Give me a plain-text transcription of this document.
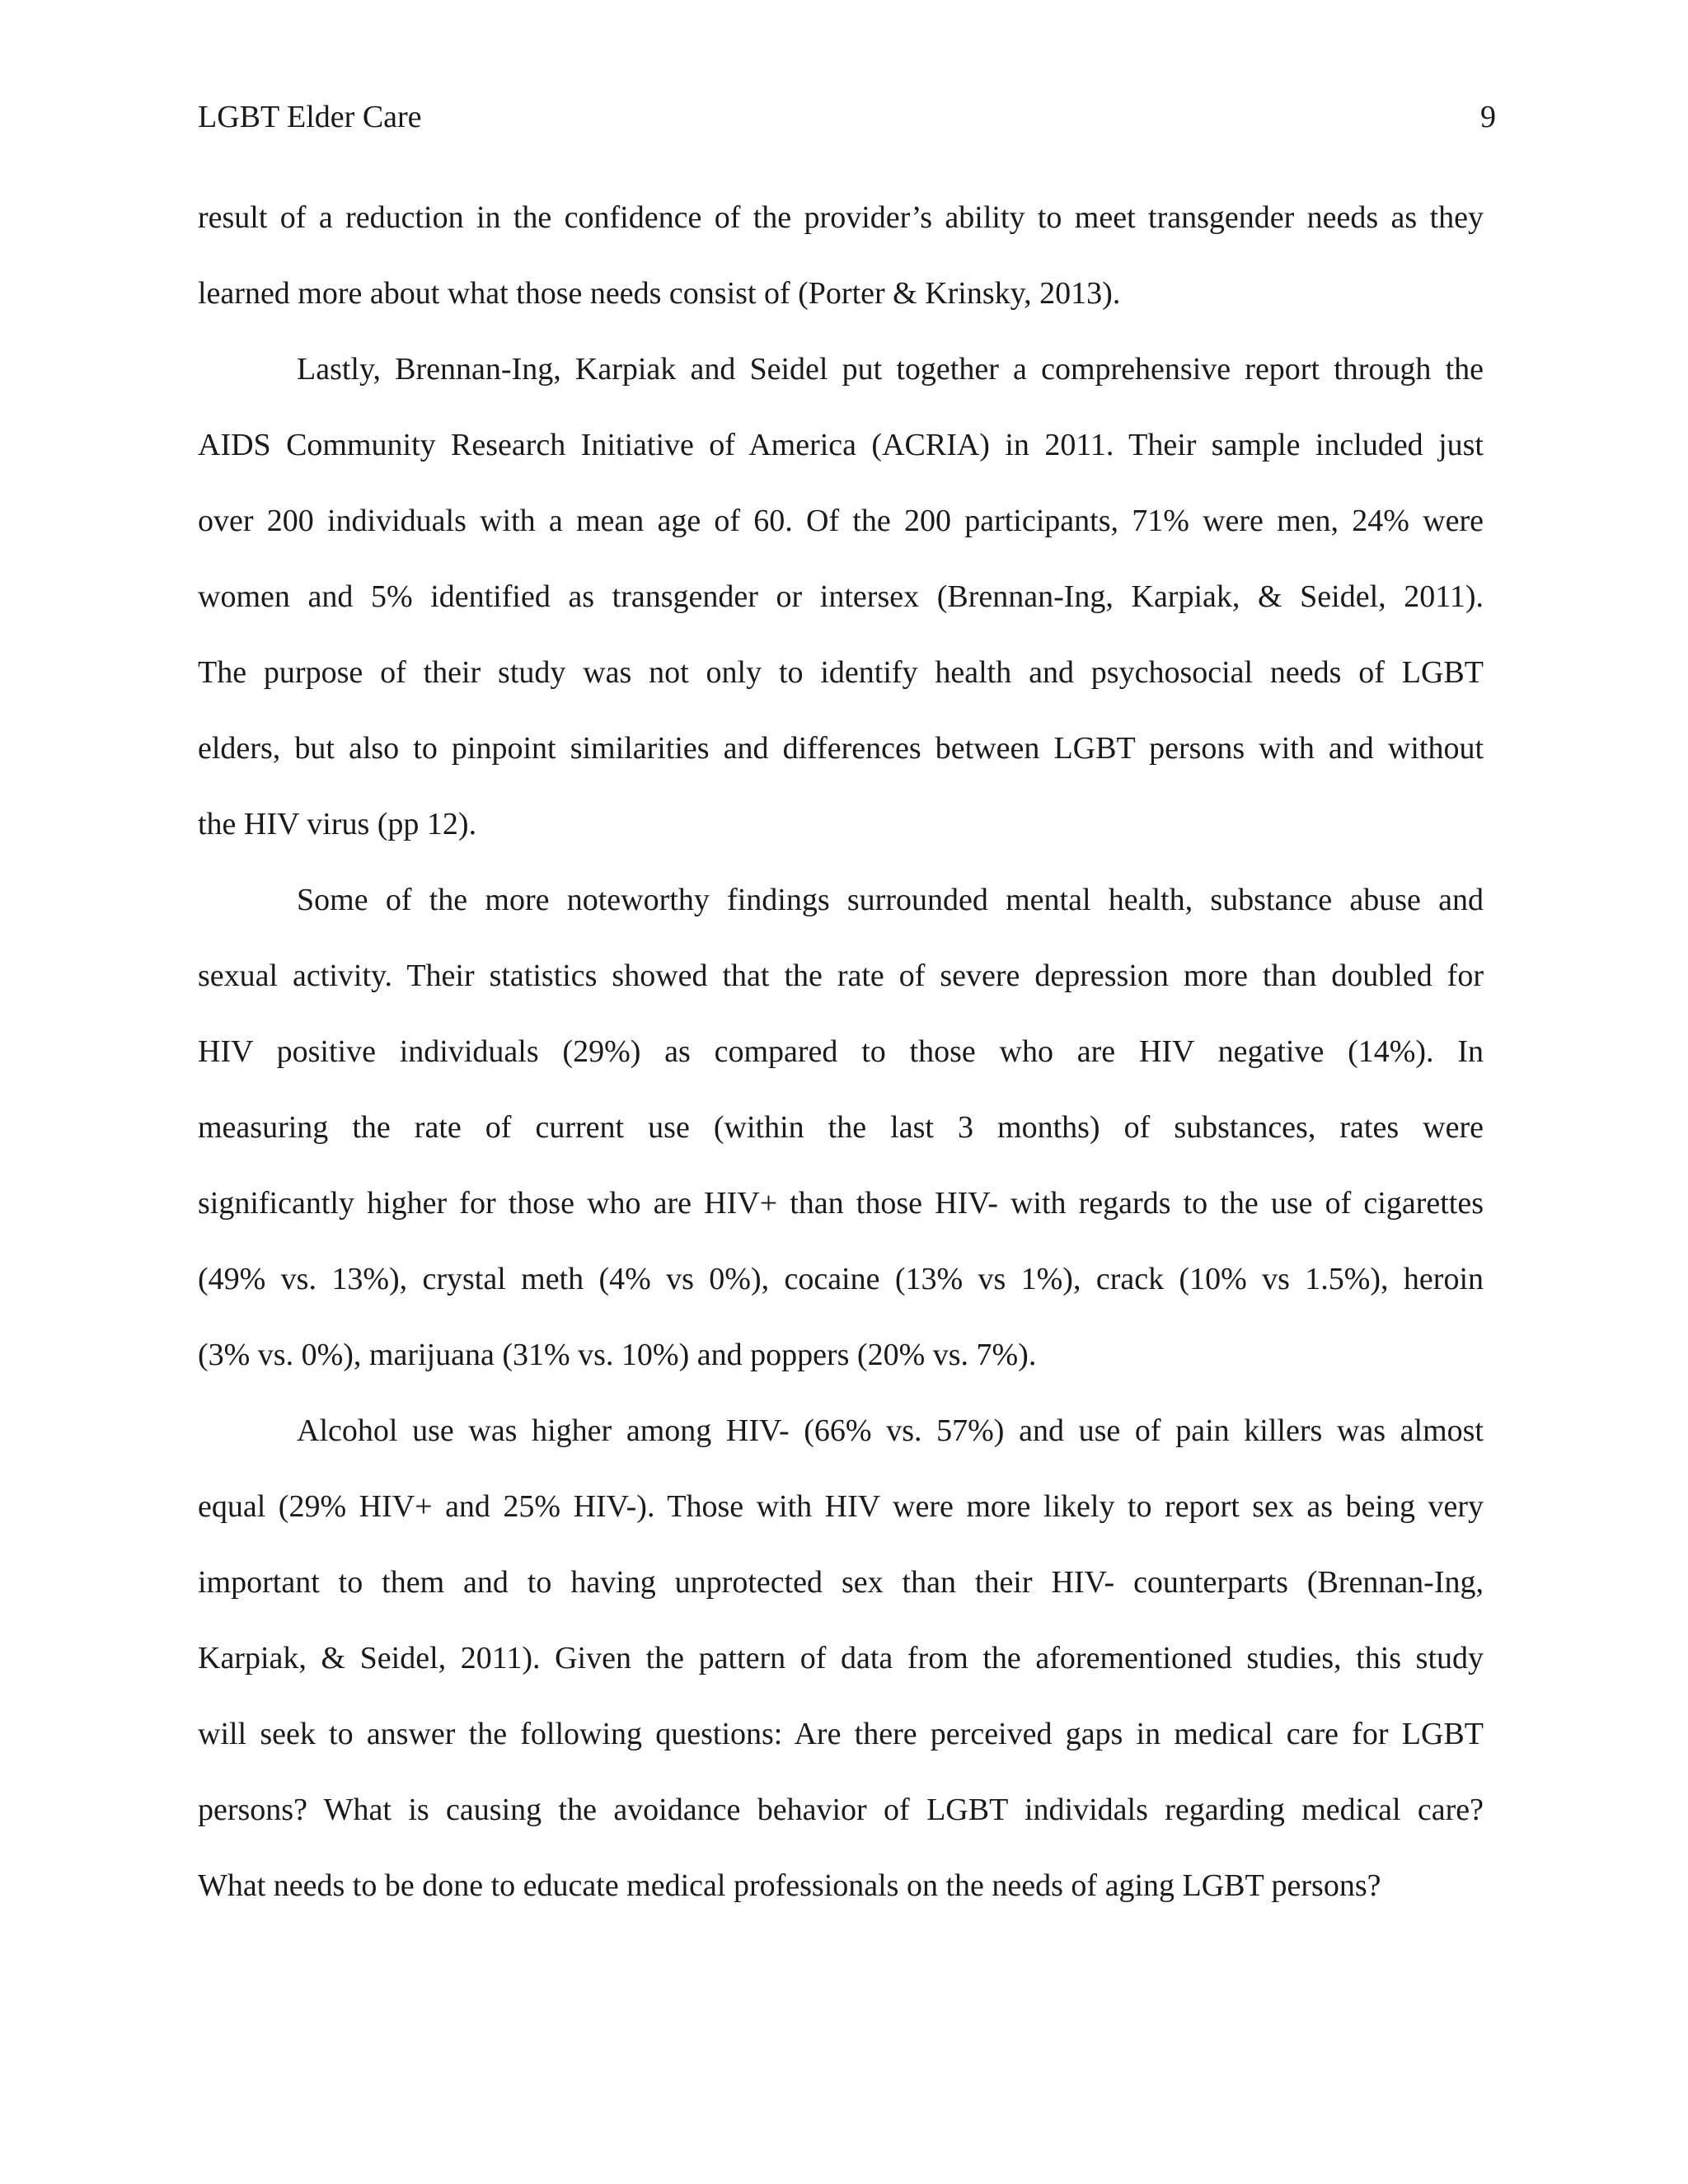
LGBT Elder Care	9
result of a reduction in the confidence of the provider’s ability to meet transgender needs as they
learned more about what those needs consist of (Porter & Krinsky, 2013).
Lastly, Brennan-Ing, Karpiak and Seidel put together a comprehensive report through the
AIDS Community Research Initiative of America (ACRIA) in 2011. Their sample included just
over 200 individuals with a mean age of 60. Of the 200 participants, 71% were men, 24% were
women and 5% identified as transgender or intersex (Brennan-Ing, Karpiak, & Seidel, 2011).
The purpose of their study was not only to identify health and psychosocial needs of LGBT
elders, but also to pinpoint similarities and differences between LGBT persons with and without
the HIV virus (pp 12).
Some of the more noteworthy findings surrounded mental health, substance abuse and
sexual activity. Their statistics showed that the rate of severe depression more than doubled for
HIV positive individuals (29%) as compared to those who are HIV negative (14%). In
measuring the rate of current use (within the last 3 months) of substances, rates were
significantly higher for those who are HIV+ than those HIV- with regards to the use of cigarettes
(49% vs. 13%), crystal meth (4% vs 0%), cocaine (13% vs 1%), crack (10% vs 1.5%), heroin
(3% vs. 0%), marijuana (31% vs. 10%) and poppers (20% vs. 7%).
Alcohol use was higher among HIV- (66% vs. 57%) and use of pain killers was almost
equal (29% HIV+ and 25% HIV-). Those with HIV were more likely to report sex as being very
important to them and to having unprotected sex than their HIV- counterparts (Brennan-Ing,
Karpiak, & Seidel, 2011). Given the pattern of data from the aforementioned studies, this study
will seek to answer the following questions: Are there perceived gaps in medical care for LGBT
persons? What is causing the avoidance behavior of LGBT individals regarding medical care?
What needs to be done to educate medical professionals on the needs of aging LGBT persons?
